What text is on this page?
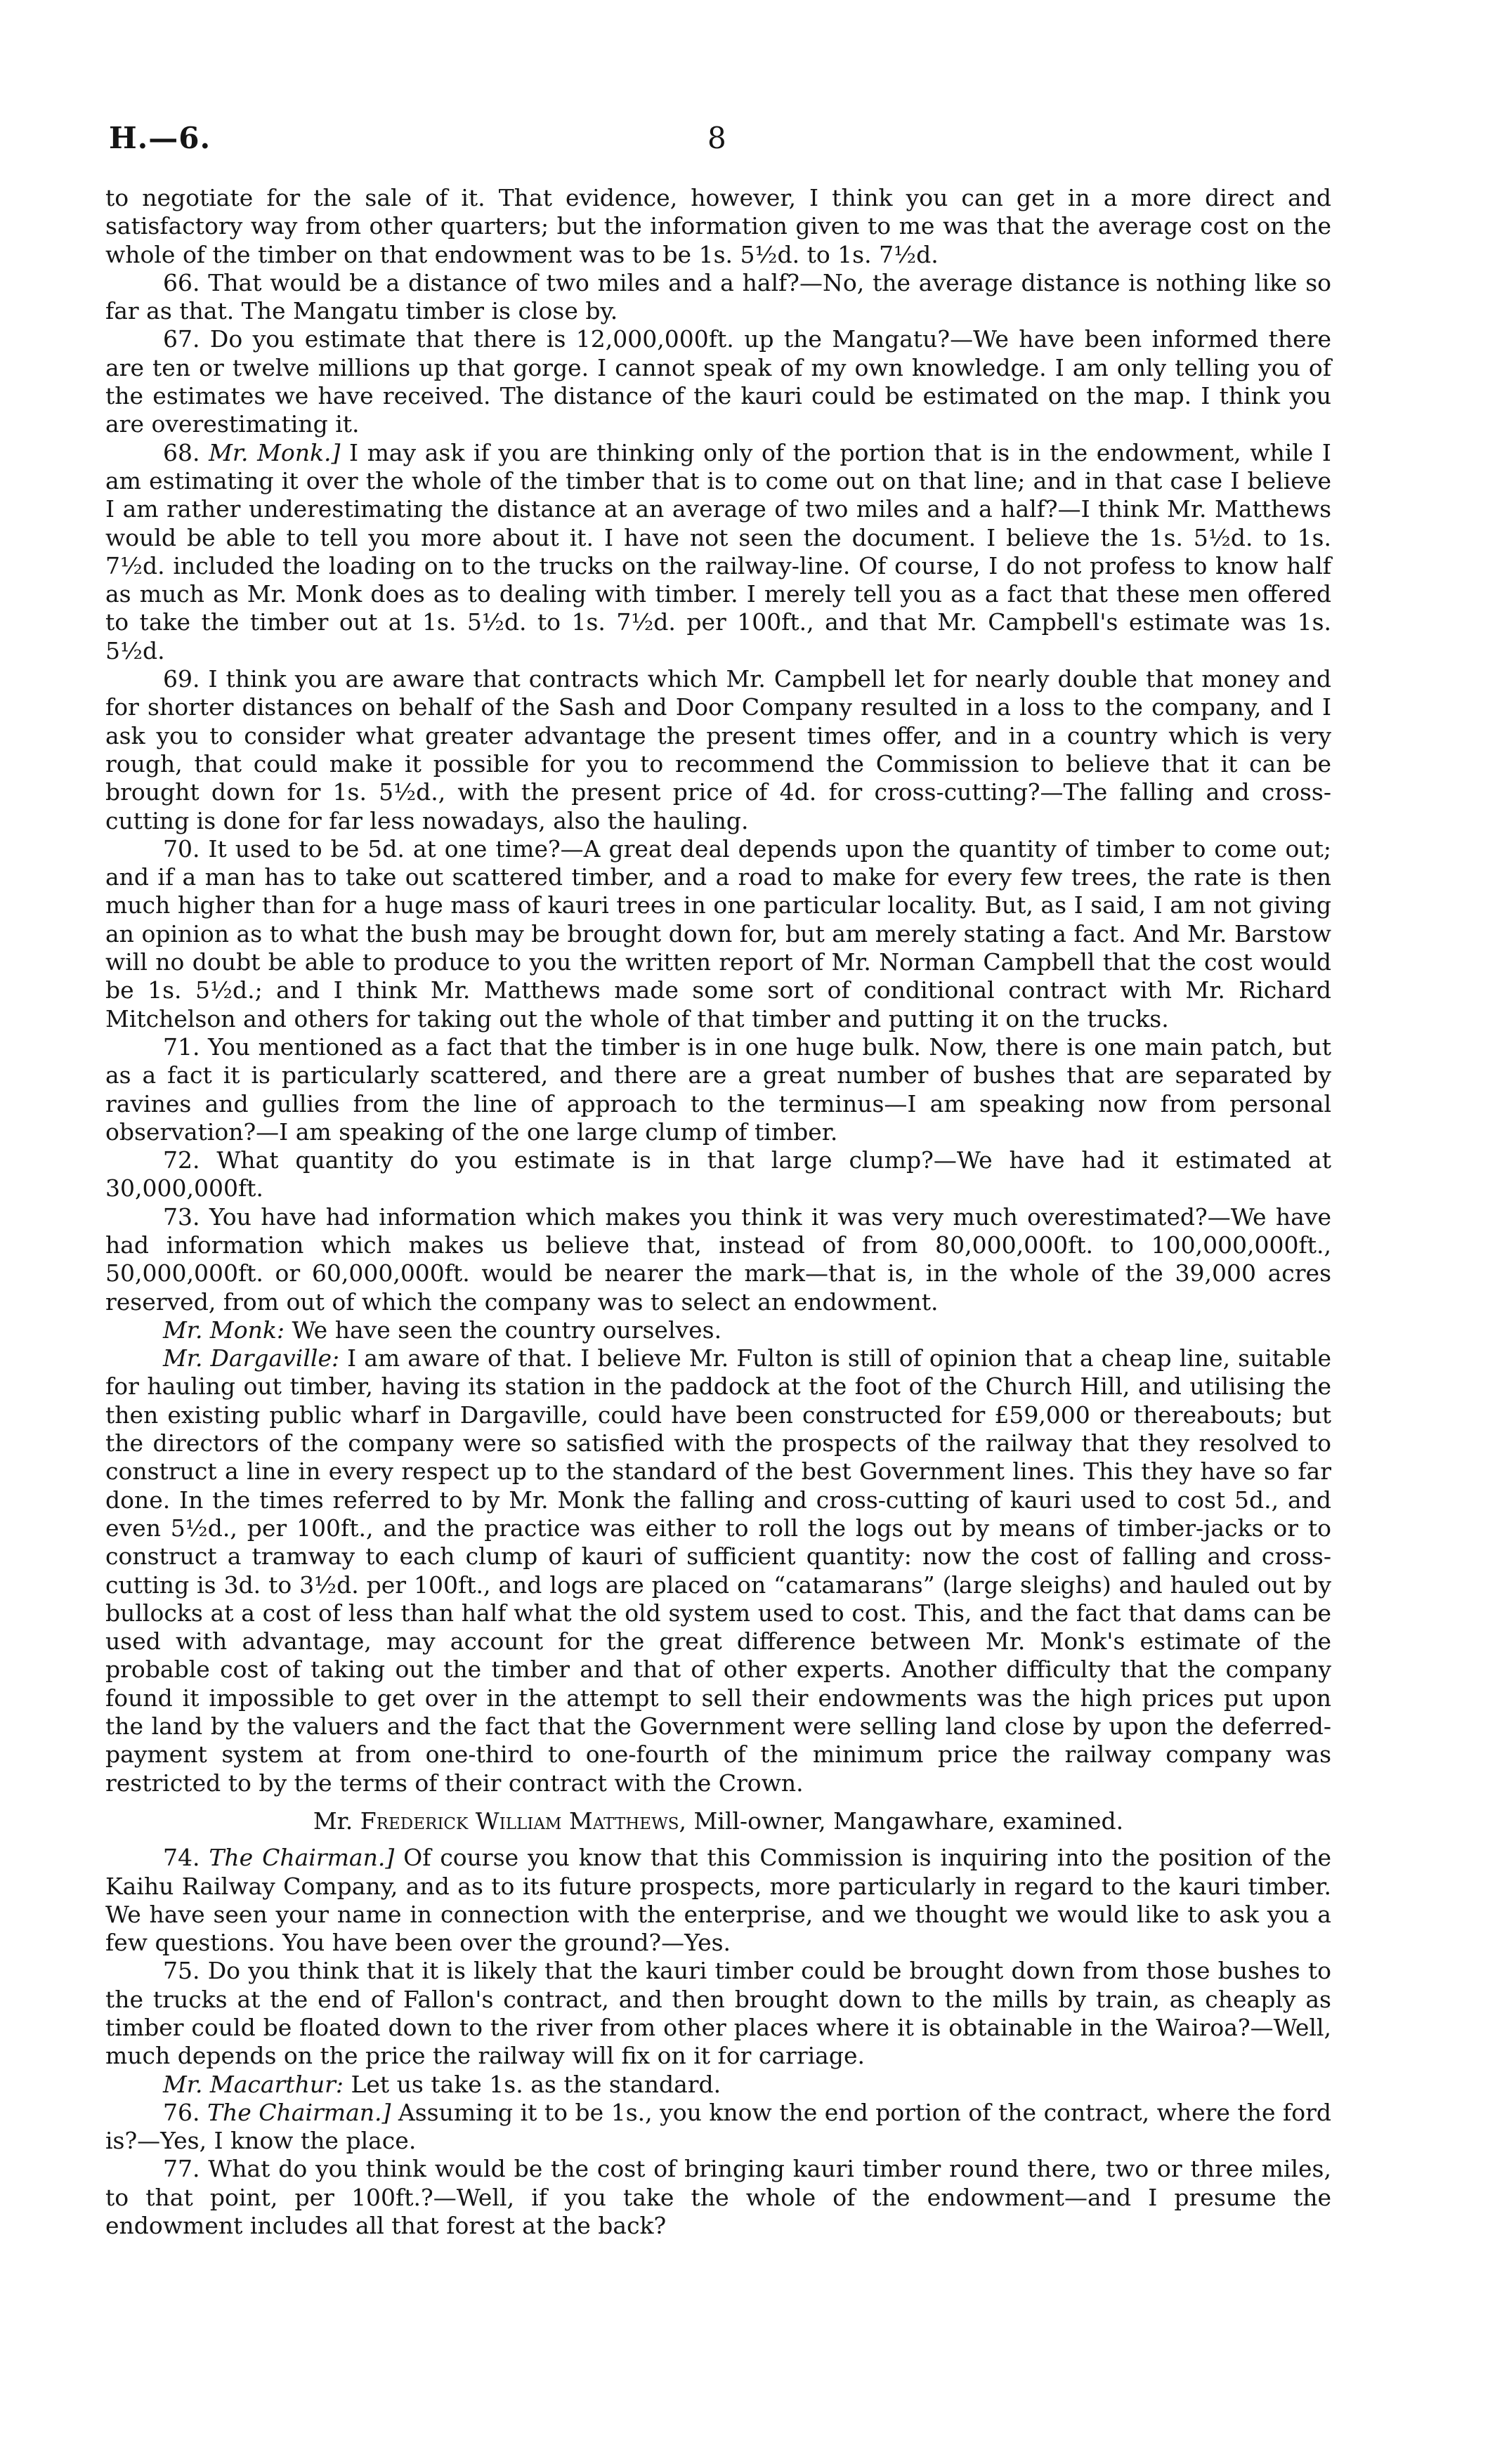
H.—6.	8

to negotiate for the sale of it. That evidence, however, I think you can get in a more direct and satisfactory way from other quarters; but the information given to me was that the average cost on the whole of the timber on that endowment was to be 1s. 5½d. to 1s. 7½d.

66. That would be a distance of two miles and a half?—No, the average distance is nothing like so far as that. The Mangatu timber is close by.

67. Do you estimate that there is 12,000,000ft. up the Mangatu?—We have been informed there are ten or twelve millions up that gorge. I cannot speak of my own knowledge. I am only telling you of the estimates we have received. The distance of the kauri could be estimated on the map. I think you are overestimating it.

68. Mr. Monk.] I may ask if you are thinking only of the portion that is in the endowment, while I am estimating it over the whole of the timber that is to come out on that line; and in that case I believe I am rather underestimating the distance at an average of two miles and a half?—I think Mr. Matthews would be able to tell you more about it. I have not seen the document. I believe the 1s. 5½d. to 1s. 7½d. included the loading on to the trucks on the railway-line. Of course, I do not profess to know half as much as Mr. Monk does as to dealing with timber. I merely tell you as a fact that these men offered to take the timber out at 1s. 5½d. to 1s. 7½d. per 100ft., and that Mr. Campbell's estimate was 1s. 5½d.

69. I think you are aware that contracts which Mr. Campbell let for nearly double that money and for shorter distances on behalf of the Sash and Door Company resulted in a loss to the company, and I ask you to consider what greater advantage the present times offer, and in a country which is very rough, that could make it possible for you to recommend the Commission to believe that it can be brought down for 1s. 5½d., with the present price of 4d. for cross-cutting?—The falling and cross-cutting is done for far less nowadays, also the hauling.

70. It used to be 5d. at one time?—A great deal depends upon the quantity of timber to come out; and if a man has to take out scattered timber, and a road to make for every few trees, the rate is then much higher than for a huge mass of kauri trees in one particular locality. But, as I said, I am not giving an opinion as to what the bush may be brought down for, but am merely stating a fact. And Mr. Barstow will no doubt be able to produce to you the written report of Mr. Norman Campbell that the cost would be 1s. 5½d.; and I think Mr. Matthews made some sort of conditional contract with Mr. Richard Mitchelson and others for taking out the whole of that timber and putting it on the trucks.

71. You mentioned as a fact that the timber is in one huge bulk. Now, there is one main patch, but as a fact it is particularly scattered, and there are a great number of bushes that are separated by ravines and gullies from the line of approach to the terminus—I am speaking now from personal observation?—I am speaking of the one large clump of timber.

72. What quantity do you estimate is in that large clump?—We have had it estimated at 30,000,000ft.

73. You have had information which makes you think it was very much overestimated?—We have had information which makes us believe that, instead of from 80,000,000ft. to 100,000,000ft., 50,000,000ft. or 60,000,000ft. would be nearer the mark—that is, in the whole of the 39,000 acres reserved, from out of which the company was to select an endowment.

Mr. Monk: We have seen the country ourselves.

Mr. Dargaville: I am aware of that. I believe Mr. Fulton is still of opinion that a cheap line, suitable for hauling out timber, having its station in the paddock at the foot of the Church Hill, and utilising the then existing public wharf in Dargaville, could have been constructed for £59,000 or thereabouts; but the directors of the company were so satisfied with the prospects of the railway that they resolved to construct a line in every respect up to the standard of the best Government lines. This they have so far done. In the times referred to by Mr. Monk the falling and cross-cutting of kauri used to cost 5d., and even 5½d., per 100ft., and the practice was either to roll the logs out by means of timber-jacks or to construct a tramway to each clump of kauri of sufficient quantity: now the cost of falling and cross-cutting is 3d. to 3½d. per 100ft., and logs are placed on “catamarans” (large sleighs) and hauled out by bullocks at a cost of less than half what the old system used to cost. This, and the fact that dams can be used with advantage, may account for the great difference between Mr. Monk's estimate of the probable cost of taking out the timber and that of other experts. Another difficulty that the company found it impossible to get over in the attempt to sell their endowments was the high prices put upon the land by the valuers and the fact that the Government were selling land close by upon the deferred-payment system at from one-third to one-fourth of the minimum price the railway company was restricted to by the terms of their contract with the Crown.

Mr. Frederick William Matthews, Mill-owner, Mangawhare, examined.

74. The Chairman.] Of course you know that this Commission is inquiring into the position of the Kaihu Railway Company, and as to its future prospects, more particularly in regard to the kauri timber. We have seen your name in connection with the enterprise, and we thought we would like to ask you a few questions. You have been over the ground?—Yes.

75. Do you think that it is likely that the kauri timber could be brought down from those bushes to the trucks at the end of Fallon's contract, and then brought down to the mills by train, as cheaply as timber could be floated down to the river from other places where it is obtainable in the Wairoa?—Well, much depends on the price the railway will fix on it for carriage.

Mr. Macarthur: Let us take 1s. as the standard.

76. The Chairman.] Assuming it to be 1s., you know the end portion of the contract, where the ford is?—Yes, I know the place.

77. What do you think would be the cost of bringing kauri timber round there, two or three miles, to that point, per 100ft.?—Well, if you take the whole of the endowment—and I presume the endowment includes all that forest at the back?
